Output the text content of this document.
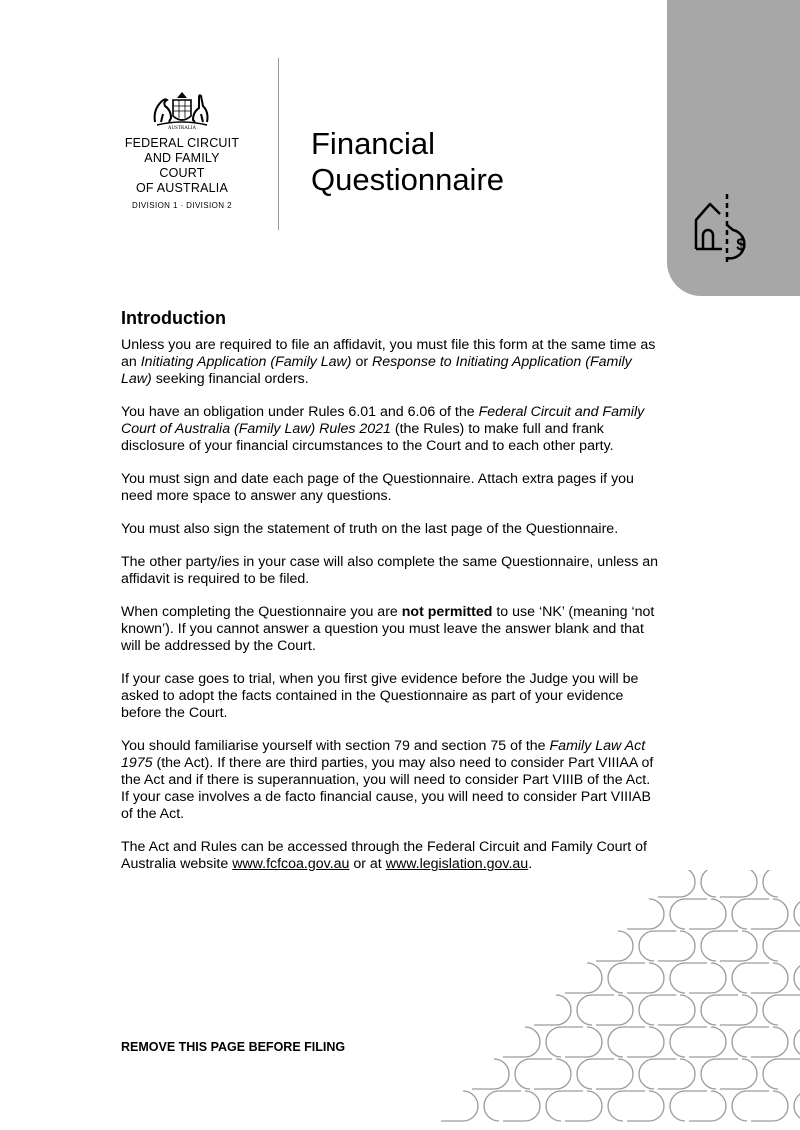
$
AUSTRALIA
FEDERAL CIRCUIT
AND FAMILY COURT
OF AUSTRALIA
DIVISION 1 · DIVISION 2
Financial
Questionnaire
Introduction

Unless you are required to file an affidavit, you must file this form at the same time as an Initiating Application (Family Law) or Response to Initiating Application (Family Law) seeking financial orders.

You have an obligation under Rules 6.01 and 6.06 of the Federal Circuit and Family Court of Australia (Family Law) Rules 2021 (the Rules) to make full and frank disclosure of your financial circumstances to the Court and to each other party.

You must sign and date each page of the Questionnaire. Attach extra pages if you need more space to answer any questions.

You must also sign the statement of truth on the last page of the Questionnaire.

The other party/ies in your case will also complete the same Questionnaire, unless an affidavit is required to be filed.

When completing the Questionnaire you are not permitted to use ‘NK’ (meaning ‘not known’). If you cannot answer a question you must leave the answer blank and that will be addressed by the Court.

If your case goes to trial, when you first give evidence before the Judge you will be asked to adopt the facts contained in the Questionnaire as part of your evidence before the Court.

You should familiarise yourself with section 79 and section 75 of the Family Law Act 1975 (the Act). If there are third parties, you may also need to consider Part VIIIAA of the Act and if there is superannuation, you will need to consider Part VIIIB of the Act. If your case involves a de facto financial cause, you will need to consider Part VIIIAB of the Act.

The Act and Rules can be accessed through the Federal Circuit and Family Court of Australia website www.fcfcoa.gov.au or at www.legislation.gov.au.

REMOVE THIS PAGE BEFORE FILING
